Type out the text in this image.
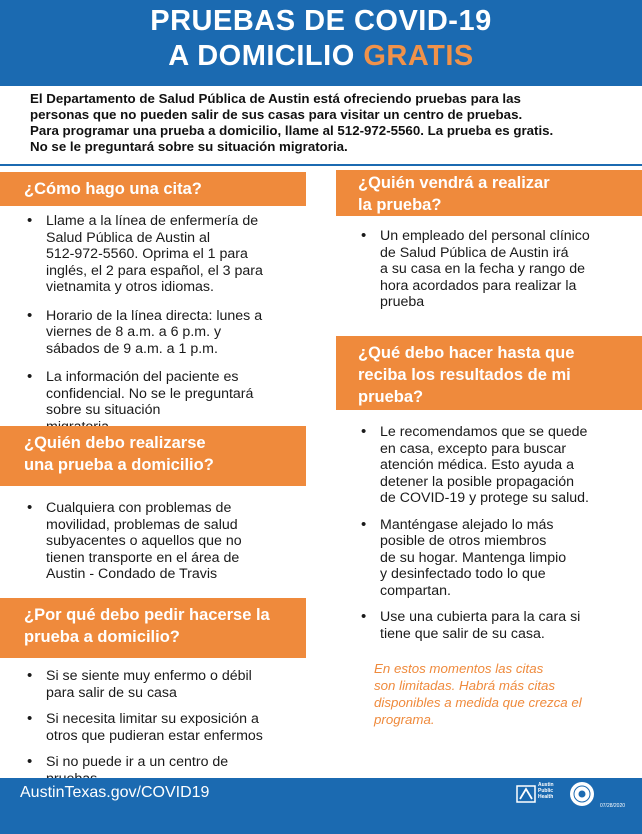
PRUEBAS DE COVID-19
A DOMICILIO GRATIS
El Departamento de Salud Pública de Austin está ofreciendo pruebas para las
personas que no pueden salir de sus casas para visitar un centro de pruebas.
Para programar una prueba a domicilio, llame al 512-972-5560. La prueba es gratis.
No se le preguntará sobre su situación migratoria.
¿Cómo hago una cita?
• Llame a la línea de enfermería de
Salud Pública de Austin al
512-972-5560. Oprima el 1 para
inglés, el 2 para español, el 3 para
vietnamita y otros idiomas.
• Horario de la línea directa: lunes a
viernes de 8 a.m. a 6 p.m. y
sábados de 9 a.m. a 1 p.m.
• La información del paciente es
confidencial. No se le preguntará
sobre su situación
¿Quién debo realizarse
una prueba a domicilio?
• Cualquiera con problemas de
movilidad, problemas de salud
subyacentes o aquellos que no
tienen transporte en el área de
Austin - Condado de Travis
¿Por qué debo pedir hacerse la
prueba a domicilio?
• Si se siente muy enfermo o débil
para salir de su casa
• Si necesita limitar su exposición a
otros que pudieran estar enfermos
• Si no puede ir a un centro de
¿Quién vendrá a realizar
la prueba?
• Un empleado del personal clínico
de Salud Pública de Austin irá
a su casa en la fecha y rango de
hora acordados para realizar la
prueba
¿Qué debo hacer hasta que
reciba los resultados de mi
prueba?
• Le recomendamos que se quede
en casa, excepto para buscar
atención médica. Esto ayuda a
detener la posible propagación
de COVID-19 y protege su salud.
• Manténgase alejado lo más
posible de otros miembros
de su hogar. Mantenga limpio
y desinfectado todo lo que
compartan.
• Use una cubierta para la cara si
tiene que salir de su casa.
En estos momentos las citas
son limitadas. Habrá más citas
disponibles a medida que crezca el
programa.
AustinTexas.gov/COVID19	Austin
Public
Health
07/28/2020
